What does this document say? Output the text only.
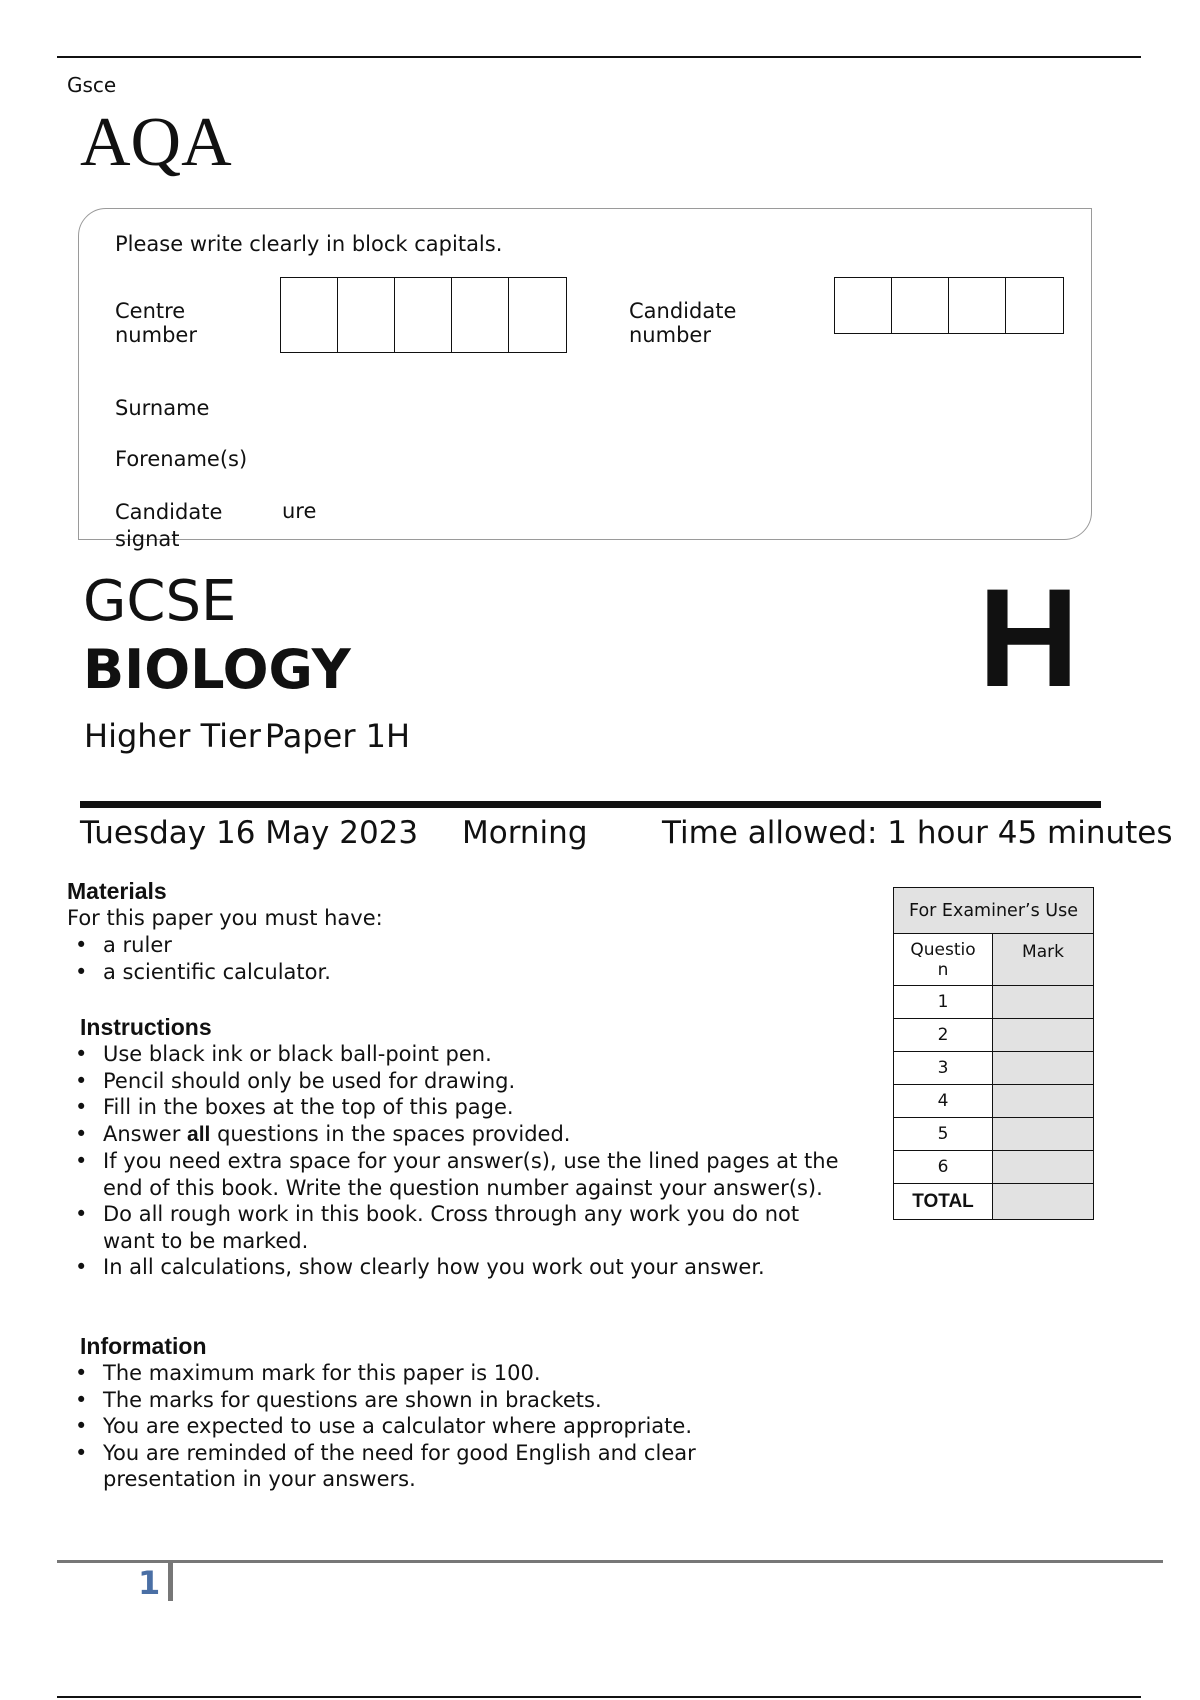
Gsce
AQA
Please write clearly in block capitals.
Centre number
Candidate number
Surname
Forename(s)
Candidate signat
ure
GCSE
BIOLOGY
Higher Tier Paper 1H
H
Tuesday 16 May 2023 Morning Time allowed: 1 hour 45 minutes
Materials
For this paper you must have:
• a ruler
• a scientific calculator.
Instructions
• Use black ink or black ball-point pen.
• Pencil should only be used for drawing.
• Fill in the boxes at the top of this page.
• Answer all questions in the spaces provided.
• If you need extra space for your answer(s), use the lined pages at the end of this book. Write the question number against your answer(s).
• Do all rough work in this book. Cross through any work you do not want to be marked.
• In all calculations, show clearly how you work out your answer.
Information
• The maximum mark for this paper is 100.
• The marks for questions are shown in brackets.
• You are expected to use a calculator where appropriate.
• You are reminded of the need for good English and clear presentation in your answers.
For Examiner’s Use	

Questio n	Mark
1	
2	
3	
4	
5	
6	
TOTAL	
1
